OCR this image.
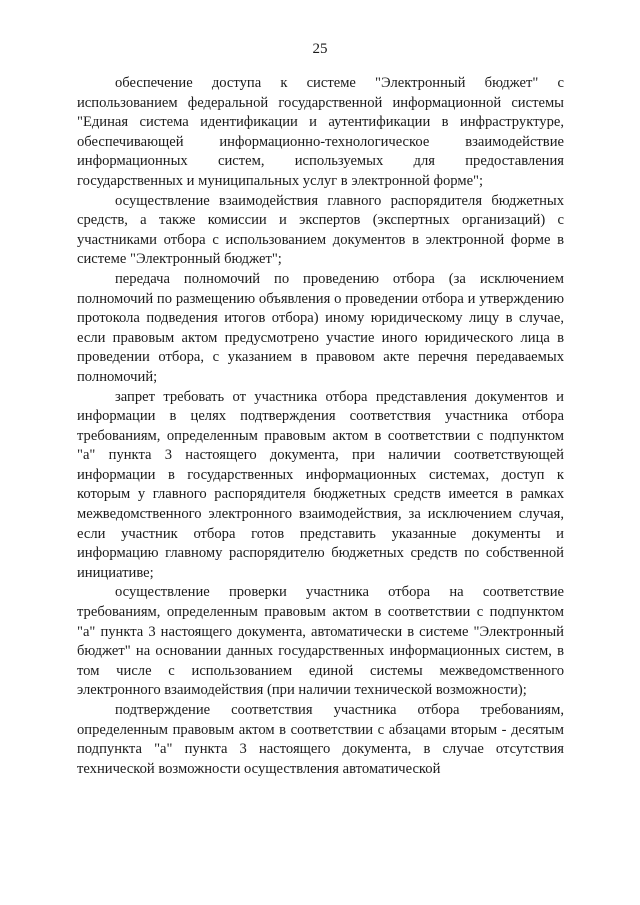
25

обеспечение доступа к системе "Электронный бюджет" с использованием федеральной государственной информационной системы "Единая система идентификации и аутентификации в инфраструктуре, обеспечивающей информационно-технологическое взаимодействие информационных систем, используемых для предоставления государственных и муниципальных услуг в электронной форме";

осуществление взаимодействия главного распорядителя бюджетных средств, а также комиссии и экспертов (экспертных организаций) с участниками отбора с использованием документов в электронной форме в системе "Электронный бюджет";

передача полномочий по проведению отбора (за исключением полномочий по размещению объявления о проведении отбора и утверждению протокола подведения итогов отбора) иному юридическому лицу в случае, если правовым актом предусмотрено участие иного юридического лица в проведении отбора, с указанием в правовом акте перечня передаваемых полномочий;

запрет требовать от участника отбора представления документов и информации в целях подтверждения соответствия участника отбора требованиям, определенным правовым актом в соответствии с подпунктом "а" пункта 3 настоящего документа, при наличии соответствующей информации в государственных информационных системах, доступ к которым у главного распорядителя бюджетных средств имеется в рамках межведомственного электронного взаимодействия, за исключением случая, если участник отбора готов представить указанные документы и информацию главному распорядителю бюджетных средств по собственной инициативе;

осуществление проверки участника отбора на соответствие требованиям, определенным правовым актом в соответствии с подпунктом "а" пункта 3 настоящего документа, автоматически в системе "Электронный бюджет" на основании данных государственных информационных систем, в том числе с использованием единой системы межведомственного электронного взаимодействия (при наличии технической возможности);

подтверждение соответствия участника отбора требованиям, определенным правовым актом в соответствии с абзацами вторым - десятым подпункта "а" пункта 3 настоящего документа, в случае отсутствия технической возможности осуществления автоматической
